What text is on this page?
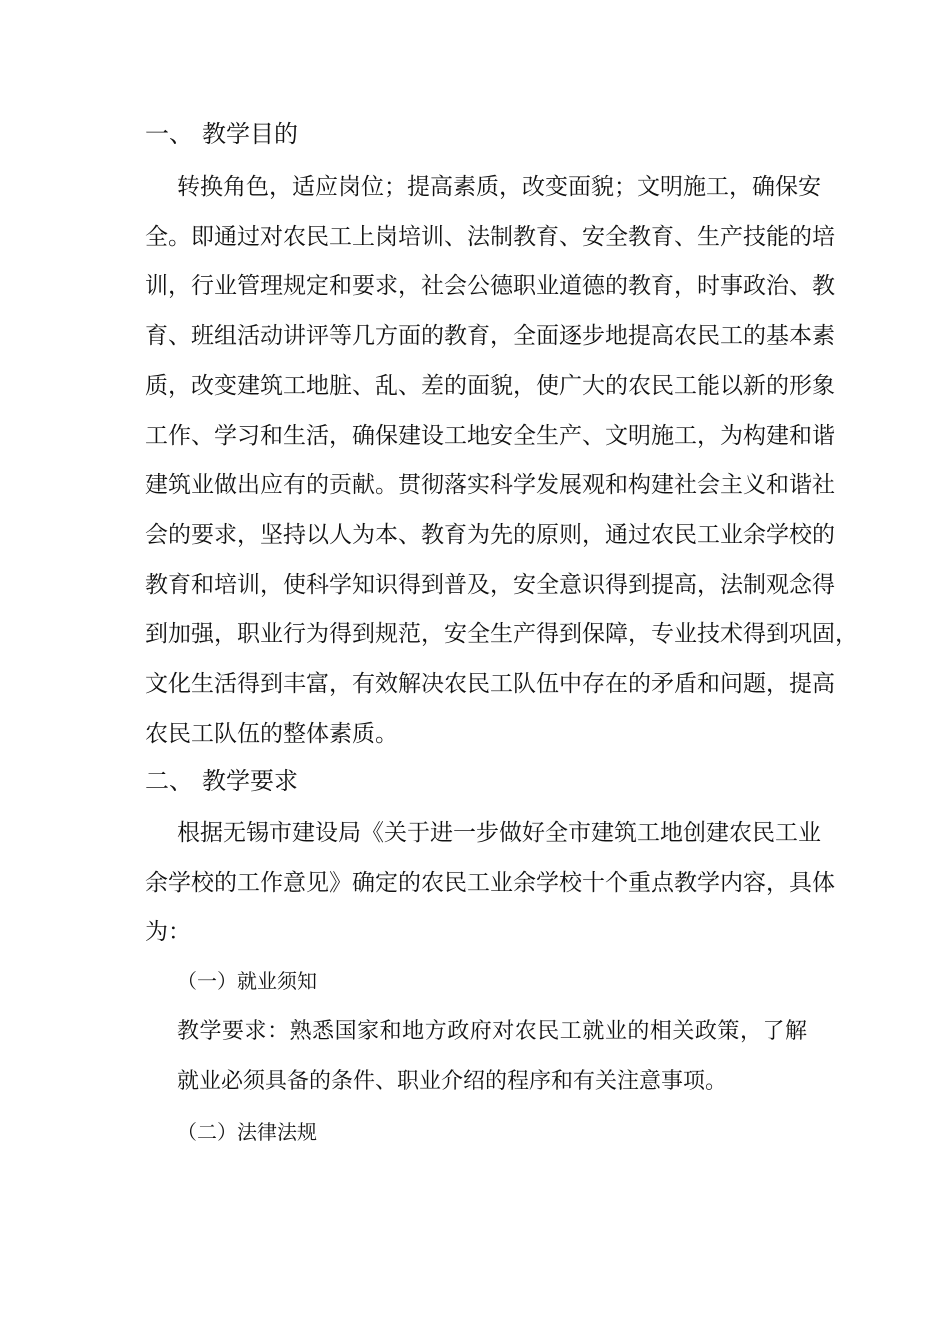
一、 教学目的
转换角色，适应岗位；提高素质，改变面貌；文明施工，确保安
全。即通过对农民工上岗培训、法制教育、安全教育、生产技能的培
训，行业管理规定和要求，社会公德职业道德的教育，时事政治、教
育、班组活动讲评等几方面的教育，全面逐步地提高农民工的基本素
质，改变建筑工地脏、乱、差的面貌，使广大的农民工能以新的形象
工作、学习和生活，确保建设工地安全生产、文明施工，为构建和谐
建筑业做出应有的贡献。贯彻落实科学发展观和构建社会主义和谐社
会的要求，坚持以人为本、教育为先的原则，通过农民工业余学校的
教育和培训，使科学知识得到普及，安全意识得到提高，法制观念得
到加强，职业行为得到规范，安全生产得到保障，专业技术得到巩固，
文化生活得到丰富，有效解决农民工队伍中存在的矛盾和问题，提高
农民工队伍的整体素质。
二、 教学要求
根据无锡市建设局《关于进一步做好全市建筑工地创建农民工业
余学校的工作意见》确定的农民工业余学校十个重点教学内容，具体
为：
（一）就业须知
教学要求：熟悉国家和地方政府对农民工就业的相关政策，了解
就业必须具备的条件、职业介绍的程序和有关注意事项。
（二）法律法规
